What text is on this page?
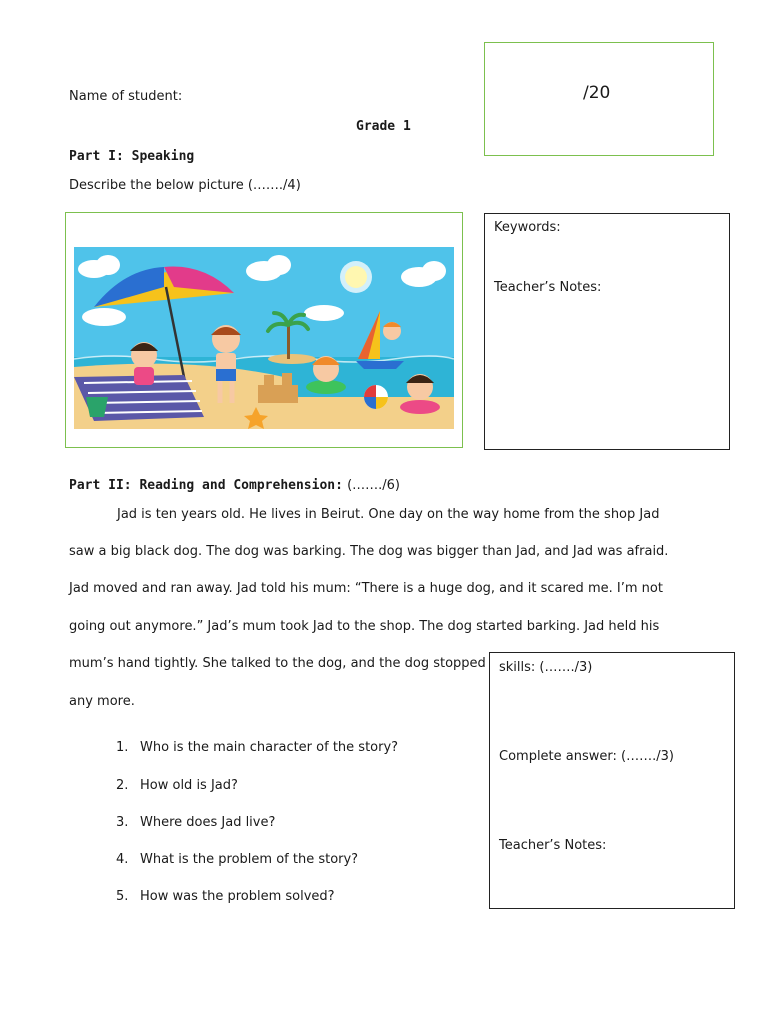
Name of student:
Grade 1
/20
Part I: Speaking
Describe the below picture (……./4)
Keywords:
Teacher’s Notes:
Part II: Reading and Comprehension: (……./6)
Jad is ten years old. He lives in Beirut. One day on the way home from the shop Jad
saw a big black dog. The dog was barking. The dog was bigger than Jad, and Jad was afraid.
Jad moved and ran away. Jad told his mum: “There is a huge dog, and it scared me. I’m not
going out anymore.” Jad’s mum took Jad to the shop. The dog started barking. Jad held his
mum’s hand tightly. She talked to the dog, and the dog stopped
any more.
1. Who is the main character of the story?
2. How old is Jad?
3. Where does Jad live?
4. What is the problem of the story?
5. How was the problem solved?
skills: (……./3)
Complete answer: (……./3)
Teacher’s Notes:
